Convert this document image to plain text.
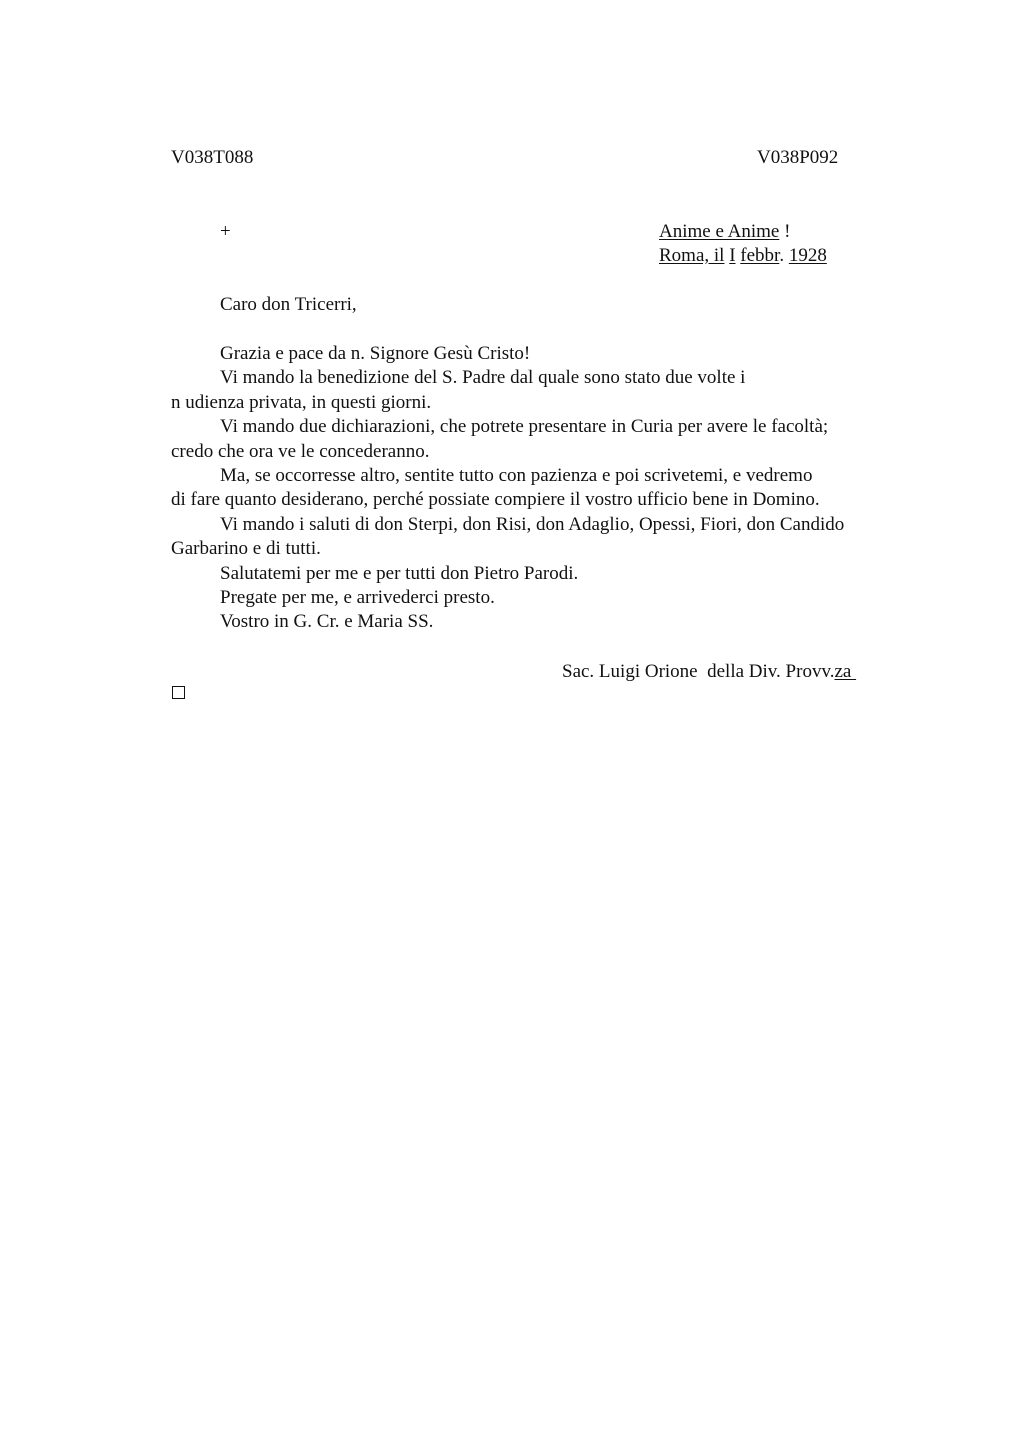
V038T088	V038P092
+	Anime e Anime !
Roma, il I febbr. 1928
Caro don Tricerri,
Grazia e pace da n. Signore Gesù Cristo!
Vi mando la benedizione del S. Padre dal quale sono stato due volte i
n udienza privata, in questi giorni.
Vi mando due dichiarazioni, che potrete presentare in Curia per avere le facoltà;
credo che ora ve le concederanno.
Ma, se occorresse altro, sentite tutto con pazienza e poi scrivetemi, e vedremo
di fare quanto desiderano, perché possiate compiere il vostro ufficio bene in Domino.
Vi mando i saluti di don Sterpi, don Risi, don Adaglio, Opessi, Fiori, don Candido
Garbarino e di tutti.
Salutatemi per me e per tutti don Pietro Parodi.
Pregate per me, e arrivederci presto.
Vostro in G. Cr. e Maria SS.
Sac. Luigi Orione  della Div. Provv.za
